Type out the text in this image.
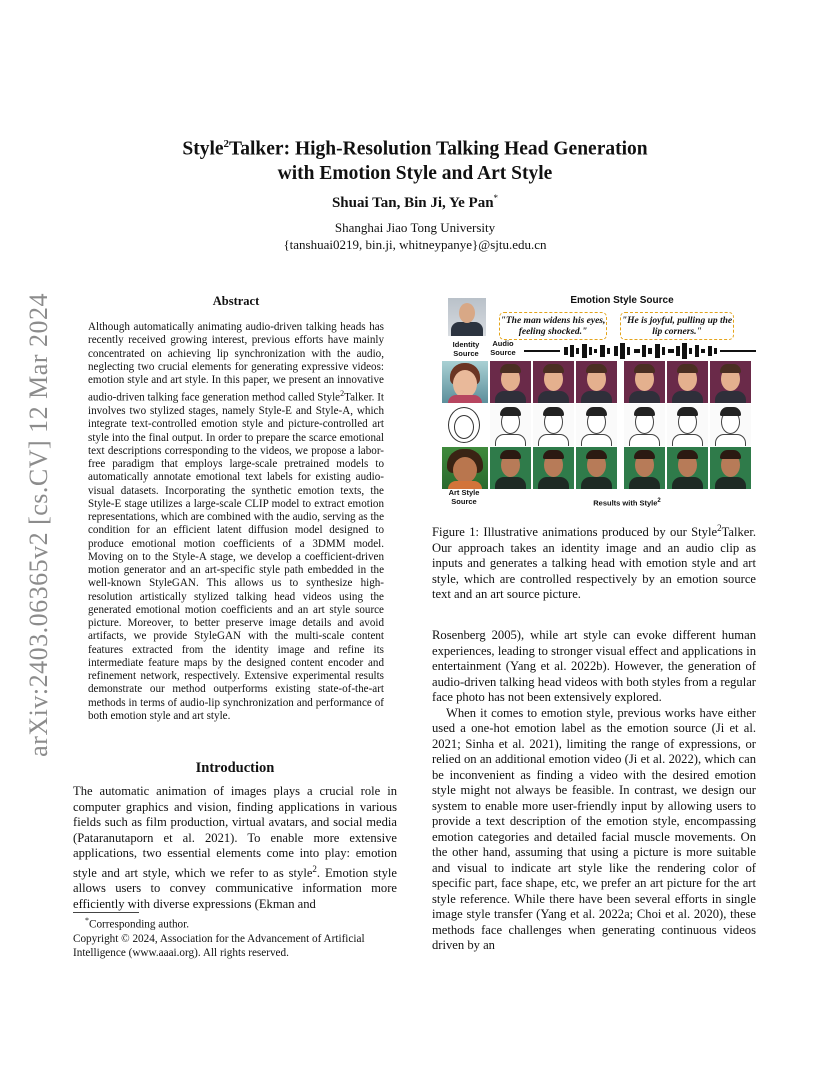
arXiv:2403.06365v2 [cs.CV] 12 Mar 2024
Style$^2$Talker: High-Resolution Talking Head Generation
with Emotion Style and Art Style
Shuai Tan, Bin Ji, Ye Pan*
Shanghai Jiao Tong University
{tanshuai0219, bin.ji, whitneypanye}@sjtu.edu.cn
Abstract
Although automatically animating audio-driven talking heads has recently received growing interest, previous efforts have mainly concentrated on achieving lip synchronization with the audio, neglecting two crucial elements for generating expressive videos: emotion style and art style. In this paper, we present an innovative audio-driven talking face generation method called Style$^2$Talker. It involves two stylized stages, namely Style-E and Style-A, which integrate text-controlled emotion style and picture-controlled art style into the final output. In order to prepare the scarce emotional text descriptions corresponding to the videos, we propose a labor-free paradigm that employs large-scale pretrained models to automatically annotate emotional text labels for existing audio-visual datasets. Incorporating the synthetic emotion texts, the Style-E stage utilizes a large-scale CLIP model to extract emotion representations, which are combined with the audio, serving as the condition for an efficient latent diffusion model designed to produce emotional motion coefficients of a 3DMM model. Moving on to the Style-A stage, we develop a coefficient-driven motion generator and an art-specific style path embedded in the well-known StyleGAN. This allows us to synthesize high-resolution artistically stylized talking head videos using the generated emotional motion coefficients and an art style source picture. Moreover, to better preserve image details and avoid artifacts, we provide StyleGAN with the multi-scale content features extracted from the identity image and refine its intermediate feature maps by the designed content encoder and refinement network, respectively. Extensive experimental results demonstrate our method outperforms existing state-of-the-art methods in terms of audio-lip synchronization and performance of both emotion style and art style.
Introduction
The automatic animation of images plays a crucial role in computer graphics and vision, finding applications in various fields such as film production, virtual avatars, and social media (Pataranutaporn et al. 2021). To enable more extensive applications, two essential elements come into play: emotion style and art style, which we refer to as style$^2$. Emotion style allows users to convey communicative information more efficiently with diverse expressions (Ekman and

*Corresponding author.

Copyright © 2024, Association for the Advancement of Artificial Intelligence (www.aaai.org). All rights reserved.

Emotion Style Source
"The man widens his eyes, feeling shocked."
"He is joyful, pulling up the lip corners."
Identity Source
Audio Source
Art Style Source	Results with Style$^2$
Figure 1: Illustrative animations produced by our Style$^2$Talker. Our approach takes an identity image and an audio clip as inputs and generates a talking head with emotion style and art style, which are controlled respectively by an emotion source text and an art source picture.

Rosenberg 2005), while art style can evoke different human experiences, leading to stronger visual effect and applications in entertainment (Yang et al. 2022b). However, the generation of audio-driven talking head videos with both styles from a regular face photo has not been extensively explored.

When it comes to emotion style, previous works have either used a one-hot emotion label as the emotion source (Ji et al. 2021; Sinha et al. 2021), limiting the range of expressions, or relied on an additional emotion video (Ji et al. 2022), which can be inconvenient as finding a video with the desired emotion style might not always be feasible. In contrast, we design our system to enable more user-friendly input by allowing users to provide a text description of the emotion style, encompassing emotion categories and detailed facial muscle movements. On the other hand, assuming that using a picture is more suitable and visual to indicate art style like the rendering color of specific part, face shape, etc, we prefer an art picture for the art style reference. While there have been several efforts in single image style transfer (Yang et al. 2022a; Choi et al. 2020), these methods face challenges when generating continuous videos driven by an
